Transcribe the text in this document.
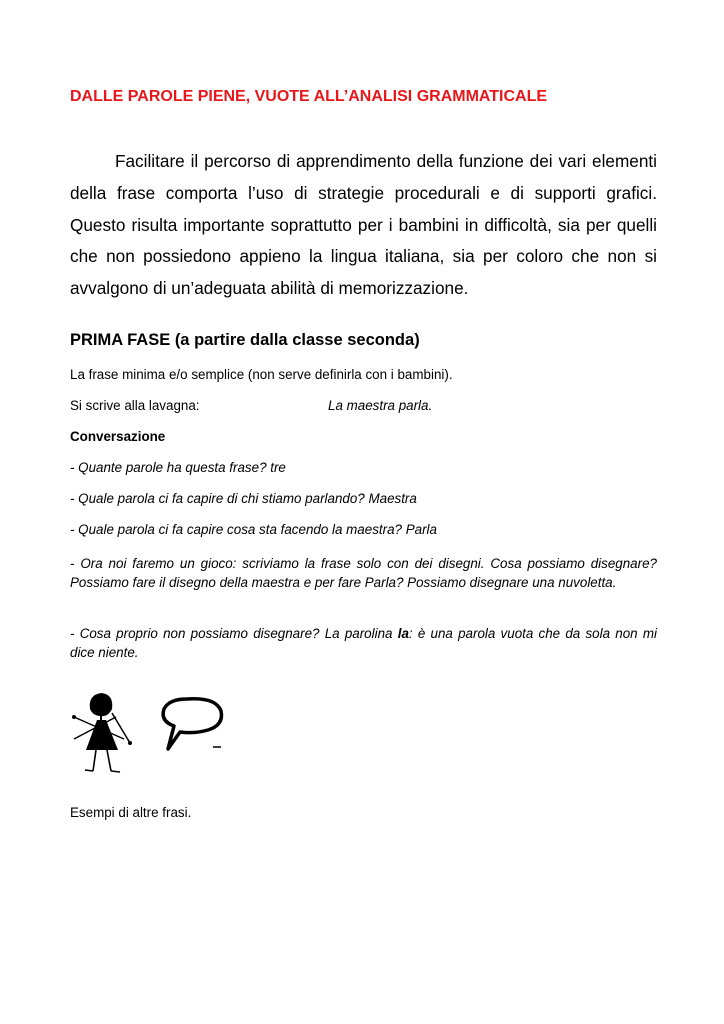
DALLE PAROLE PIENE, VUOTE ALL’ANALISI GRAMMATICALE

Facilitare il percorso di apprendimento della funzione dei vari elementi della frase comporta l’uso di strategie procedurali e di supporti grafici. Questo risulta importante soprattutto per i bambini in difficoltà, sia per quelli che non possiedono appieno la lingua italiana, sia per coloro che non si avvalgono di un’adeguata abilità di memorizzazione.

PRIMA FASE (a partire dalla classe seconda)
La frase minima e/o semplice (non serve definirla con i bambini).
Si scrive alla lavagna:	La maestra parla.
Conversazione
- Quante parole ha questa frase? tre
- Quale parola ci fa capire di chi stiamo parlando? Maestra
- Quale parola ci fa capire cosa sta facendo la maestra? Parla

- Ora noi faremo un gioco: scriviamo la frase solo con dei disegni. Cosa possiamo disegnare? Possiamo fare il disegno della maestra e per fare Parla? Possiamo disegnare una nuvoletta.

- Cosa proprio non possiamo disegnare? La parolina la: è una parola vuota che da sola non mi dice niente.

Esempi di altre frasi.
